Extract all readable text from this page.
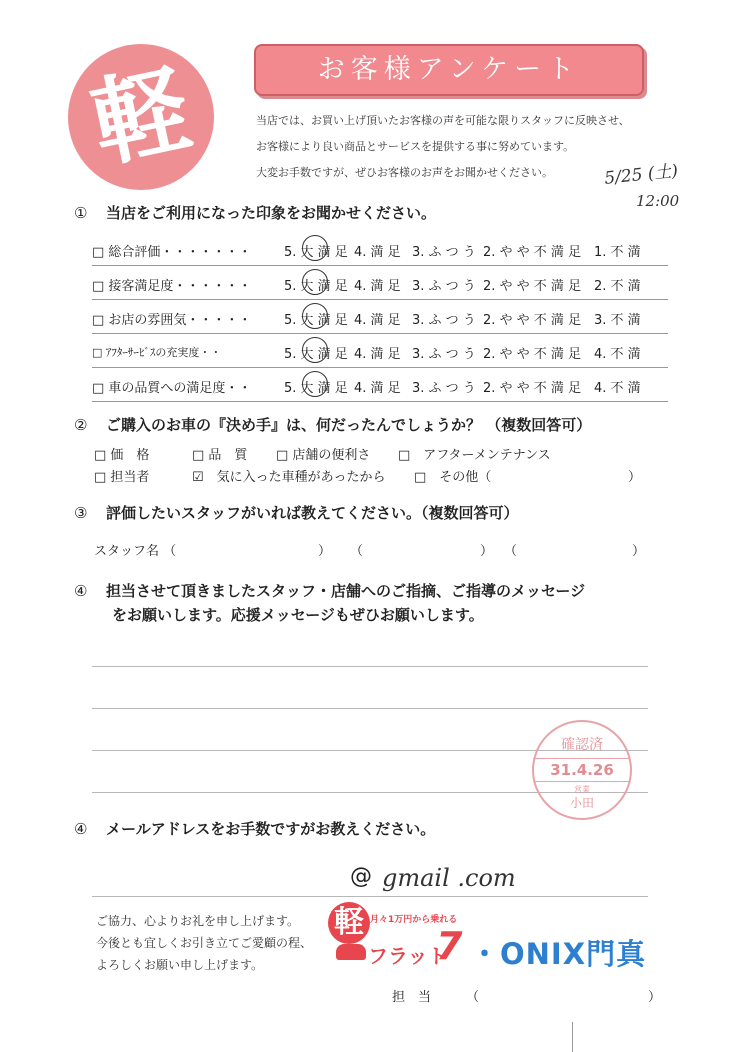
軽	お客様アンケート
当店では、お買い上げ頂いたお客様の声を可能な限りスタッフに反映させ、
お客様により良い商品とサービスを提供する事に努めています。
大変お手数ですが、ぜひお客様のお声をお聞かせください。	5/25 (土)
12:00
① 当店をご利用になった印象をお聞かせください。
□ 総合評価・・・・・・・	5. 大 満 足 4. 満 足 3. ふ つ う 2. や や 不 満 足 1. 不 満
□ 接客満足度・・・・・・	5. 大 満 足 4. 満 足 3. ふ つ う 2. や や 不 満 足 2. 不 満
□ お店の雰囲気・・・・・	5. 大 満 足 4. 満 足 3. ふ つ う 2. や や 不 満 足 3. 不 満
□ ｱﾌﾀｰｻｰﾋﾞｽの充実度・・	5. 大 満 足 4. 満 足 3. ふ つ う 2. や や 不 満 足 4. 不 満
□ 車の品質への満足度・・	5. 大 満 足 4. 満 足 3. ふ つ う 2. や や 不 満 足 4. 不 満
② ご購入のお車の『決め手』は、何だったんでしょうか？ （複数回答可）
□ 価　格	□ 品　質 □ 店舗の便利さ □　アフターメンテナンス
□ 担当者	☑　気に入った車種があったから □　その他（	）
③ 評価したいスタッフがいれば教えてください。（複数回答可）
スタッフ名 （	） （	） （	）
④ 担当させて頂きましたスタッフ・店舗へのご指摘、ご指導のメッセージ
をお願いします。応援メッセージもぜひお願いします。
確認済
31.4.26
営業
小田
④ メールアドレスをお手数ですがお教えください。
@ gmail .com
ご協力、心よりお礼を申し上げます。
今後とも宜しくお引き立てご愛顧の程、
よろしくお願い申し上げます。
軽 月々1万円から乗れる
フラット
7 ・ONIX門真
担　当	（	）
